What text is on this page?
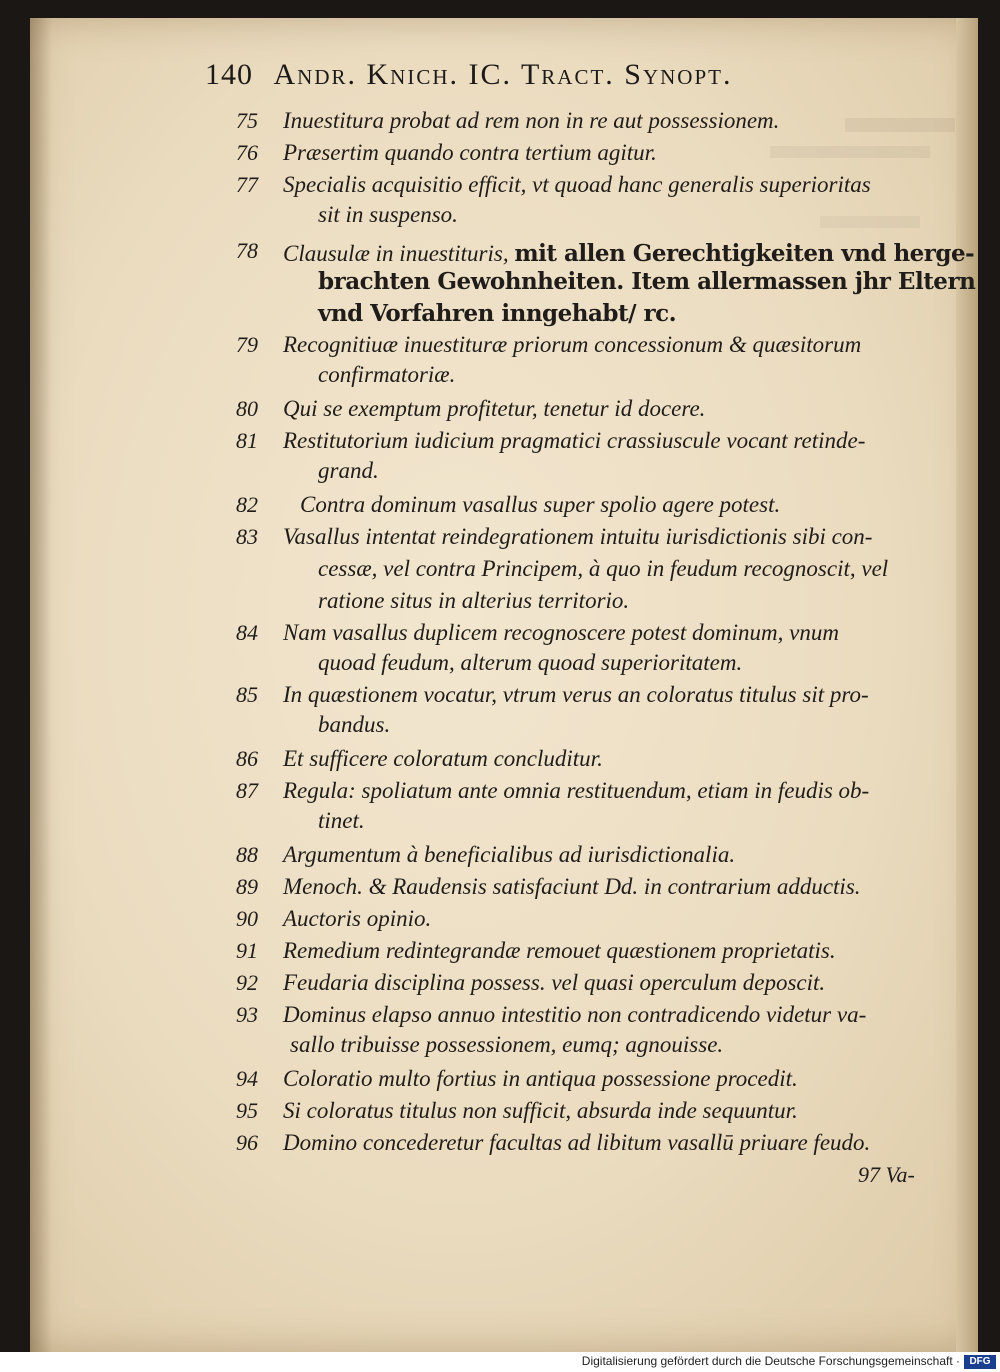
140 Andr. Knich. IC. Tract. Synopt.
75	Inuestitura probat ad rem non in re aut possessionem.
76	Præsertim quando contra tertium agitur.
77	Specialis acquisitio efficit, vt quoad hanc generalis superioritas
sit in suspenso.
78	Clausulæ in inuestituris, mit allen Gerechtigkeiten vnd herge-
brachten Gewohnheiten. Item allermassen jhr Eltern
vnd Vorfahren inngehabt/ rc.
79	Recognitiuæ inuestituræ priorum concessionum & quæsitorum
confirmatoriæ.
80	Qui se exemptum profitetur, tenetur id docere.
81	Restitutorium iudicium pragmatici crassiuscule vocant retinde-
grand.
82	Contra dominum vasallus super spolio agere potest.
83	Vasallus intentat reindegrationem intuitu iurisdictionis sibi con-
cessæ, vel contra Principem, à quo in feudum recognoscit, vel
ratione situs in alterius territorio.
84	Nam vasallus duplicem recognoscere potest dominum, vnum
quoad feudum, alterum quoad superioritatem.
85	In quæstionem vocatur, vtrum verus an coloratus titulus sit pro-
bandus.
86	Et sufficere coloratum concluditur.
87	Regula: spoliatum ante omnia restituendum, etiam in feudis ob-
tinet.
88	Argumentum à beneficialibus ad iurisdictionalia.
89	Menoch. & Raudensis satisfaciunt Dd. in contrarium adductis.
90	Auctoris opinio.
91	Remedium redintegrandæ remouet quæstionem proprietatis.
92	Feudaria disciplina possess. vel quasi operculum deposcit.
93	Dominus elapso annuo intestitio non contradicendo videtur va-
sallo tribuisse possessionem, eumq; agnouisse.
94	Coloratio multo fortius in antiqua possessione procedit.
95	Si coloratus titulus non sufficit, absurda inde sequuntur.
96	Domino concederetur facultas ad libitum vasallū priuare feudo.
97 Va-
Digitalisierung gefördert durch die Deutsche Forschungsgemeinschaft · DFG
